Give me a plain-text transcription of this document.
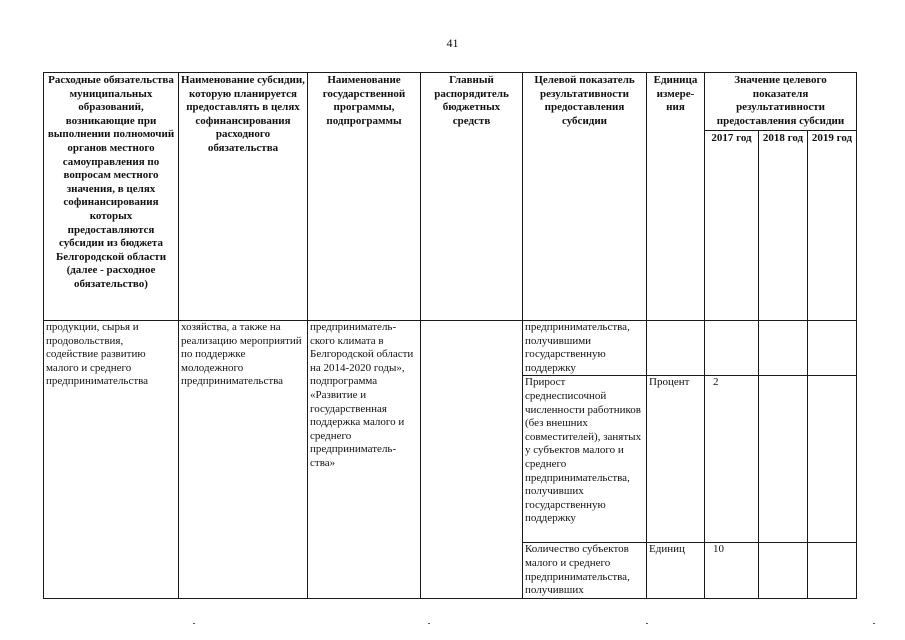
41
Расходные обязательства муниципальных образований, возникающие при выполнении полномочий органов местного самоуправления по вопросам местного значения, в целях софинансирования которых предоставляются субсидии из бюджета Белгородской области (далее - расходное обязательство)	Наименование субсидии, которую планируется предоставлять в целях софинансирования расходного обязательства	Наименование государственной программы, подпрограммы	Главный распорядитель бюджетных средств	Целевой показатель результативности предоставления субсидии	Единица измере-ния	Значение целевого показателя результативности предоставления субсидии		
						2017 год	2018 год	2019 год
продукции, сырья и продовольствия, содействие развитию малого и среднего предпринимательства	хозяйства, а также на реализацию мероприятий по поддержке молодежного предпринимательства	предприниматель-ского климата в Белгородской области на 2014-2020 годы», подпрограмма «Развитие и государственная поддержка малого и среднего предприниматель-ства»		предпринимательства, получившими государственную поддержку				
				Прирост среднесписочной численности работников (без внешних совместителей), занятых у субъектов малого и среднего предпринимательства, получивших государственную поддержку	Процент	2		
				Количество субъектов малого и среднего предпринимательства, получивших	Единиц	10		
